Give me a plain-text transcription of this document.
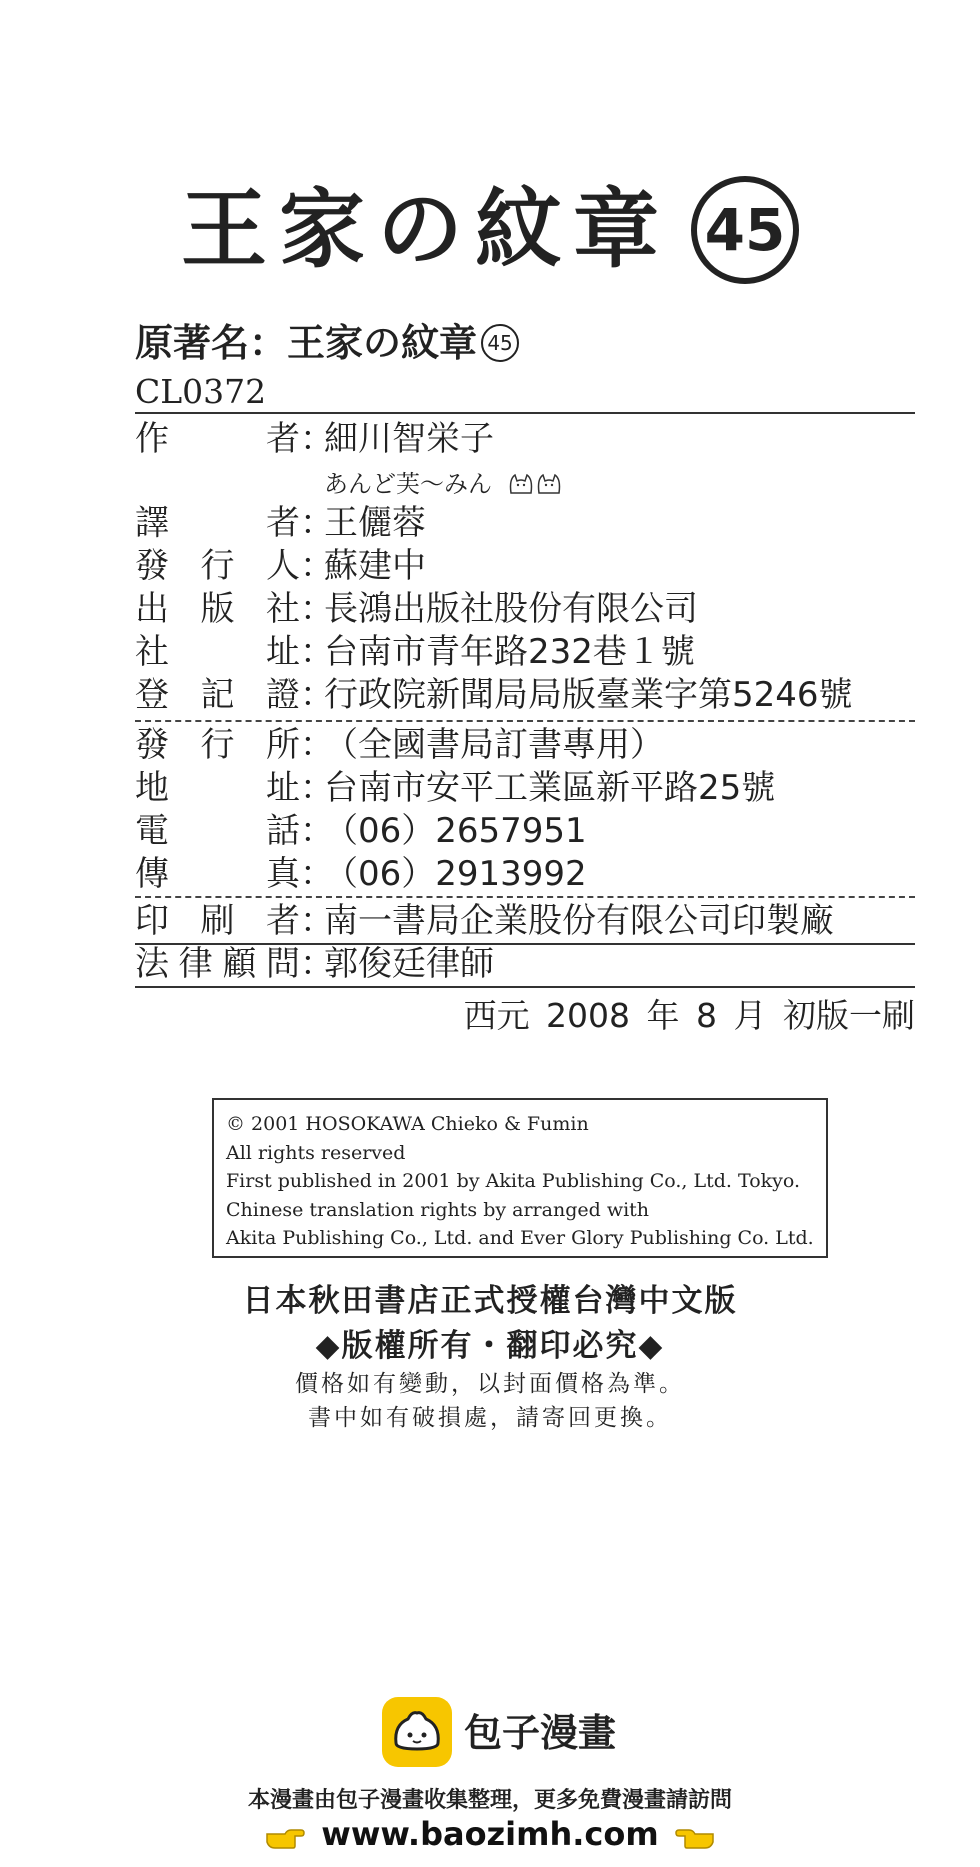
王家の紋章 45
原著名：王家の紋章 45
CL0372
作者：細川智栄子
あんど芙〜みん
譯者：王儷蓉
發行人：蘇建中
出版社：長鴻出版社股份有限公司
社址：台南市青年路232巷１號
登記證：行政院新聞局局版臺業字第5246號
發行所：（全國書局訂書專用）
地址：台南市安平工業區新平路25號
電話：（06）2657951
傳真：（06）2913992
印刷者：南一書局企業股份有限公司印製廠
法律顧問：郭俊廷律師
西元 2008 年 8 月 初版一刷
© 2001 HOSOKAWA Chieko & Fumin
All rights reserved
First published in 2001 by Akita Publishing Co., Ltd. Tokyo.
Chinese translation rights by arranged with
Akita Publishing Co., Ltd. and Ever Glory Publishing Co. Ltd.
日本秋田書店正式授權台灣中文版
◆版權所有・翻印必究◆
價格如有變動，以封面價格為準。
書中如有破損處，請寄回更換。
包子漫畫
本漫畫由包子漫畫收集整理，更多免費漫畫請訪問
www.baozimh.com
